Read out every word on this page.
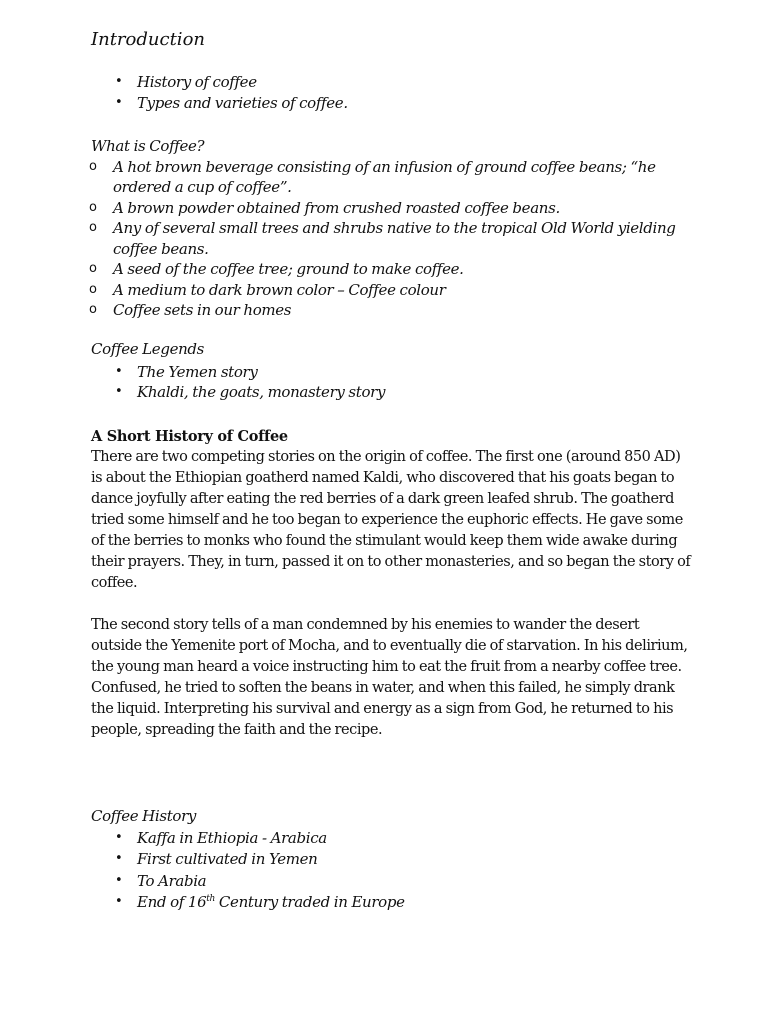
Introduction
• History of coffee
• Types and varieties of coffee.
What is Coffee?
o A hot brown beverage consisting of an infusion of ground coffee beans; “he ordered a cup of coffee”.
o A brown powder obtained from crushed roasted coffee beans.
o Any of several small trees and shrubs native to the tropical Old World yielding coffee beans.
o A seed of the coffee tree; ground to make coffee.
o A medium to dark brown color – Coffee colour
o Coffee sets in our homes
Coffee Legends
• The Yemen story
• Khaldi, the goats, monastery story
A Short History of Coffee

There are two competing stories on the origin of coffee. The first one (around 850 AD) is about the Ethiopian goatherd named Kaldi, who discovered that his goats began to dance joyfully after eating the red berries of a dark green leafed shrub. The goatherd tried some himself and he too began to experience the euphoric effects. He gave some of the berries to monks who found the stimulant would keep them wide awake during their prayers. They, in turn, passed it on to other monasteries, and so began the story of coffee.

The second story tells of a man condemned by his enemies to wander the desert outside the Yemenite port of Mocha, and to eventually die of starvation. In his delirium, the young man heard a voice instructing him to eat the fruit from a nearby coffee tree. Confused, he tried to soften the beans in water, and when this failed, he simply drank the liquid. Interpreting his survival and energy as a sign from God, he returned to his people, spreading the faith and the recipe.

Coffee History
• Kaffa in Ethiopia - Arabica
• First cultivated in Yemen
• To Arabia
• End of 16th Century traded in Europe
